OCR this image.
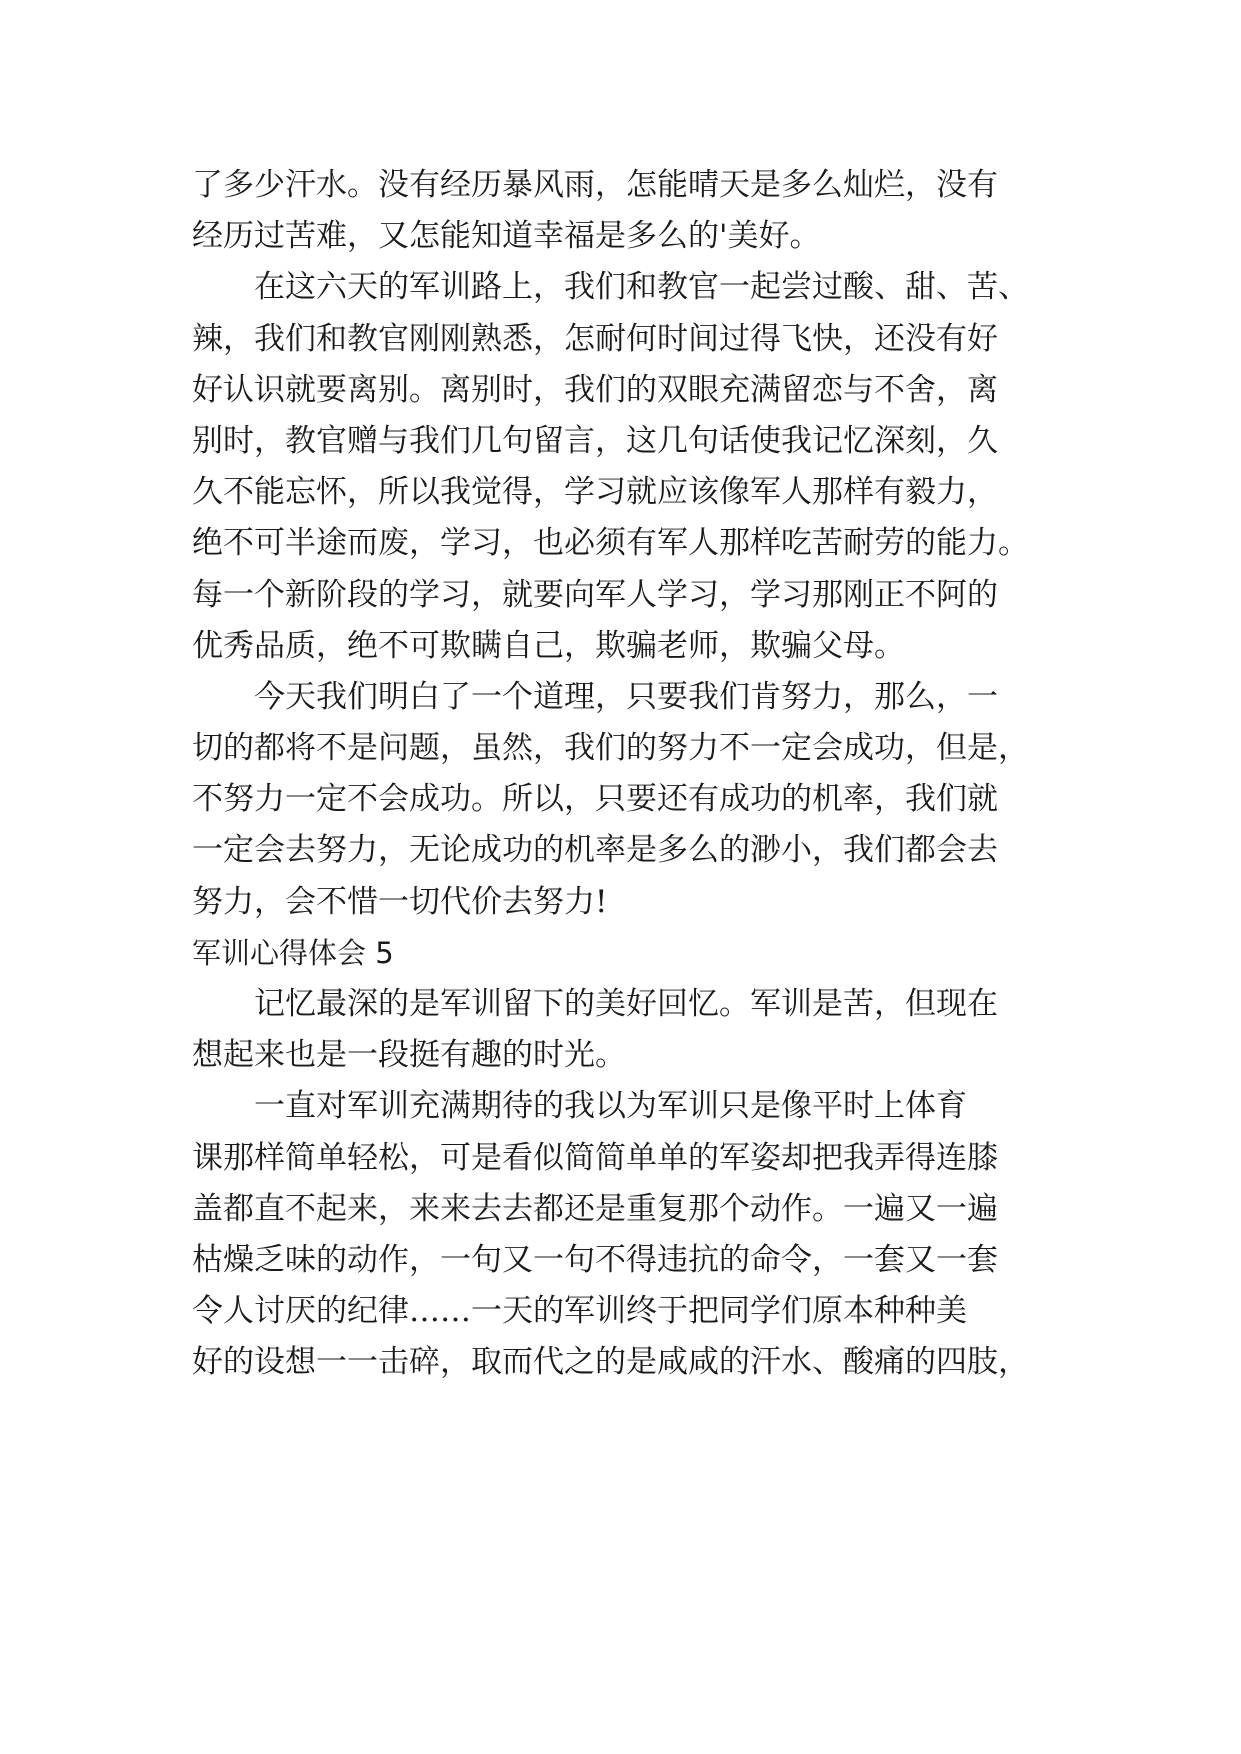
了多少汗水。没有经历暴风雨，怎能晴天是多么灿烂，没有
经历过苦难，又怎能知道幸福是多么的'美好。
在这六天的军训路上，我们和教官一起尝过酸、甜、苦、
辣，我们和教官刚刚熟悉，怎耐何时间过得飞快，还没有好
好认识就要离别。离别时，我们的双眼充满留恋与不舍，离
别时，教官赠与我们几句留言，这几句话使我记忆深刻，久
久不能忘怀，所以我觉得，学习就应该像军人那样有毅力，
绝不可半途而废，学习，也必须有军人那样吃苦耐劳的能力。
每一个新阶段的学习，就要向军人学习，学习那刚正不阿的
优秀品质，绝不可欺瞒自己，欺骗老师，欺骗父母。
今天我们明白了一个道理，只要我们肯努力，那么，一
切的都将不是问题，虽然，我们的努力不一定会成功，但是，
不努力一定不会成功。所以，只要还有成功的机率，我们就
一定会去努力，无论成功的机率是多么的渺小，我们都会去
努力，会不惜一切代价去努力!
军训心得体会 5
记忆最深的是军训留下的美好回忆。军训是苦，但现在
想起来也是一段挺有趣的时光。
一直对军训充满期待的我以为军训只是像平时上体育
课那样简单轻松，可是看似简简单单的军姿却把我弄得连膝
盖都直不起来，来来去去都还是重复那个动作。一遍又一遍
枯燥乏味的动作，一句又一句不得违抗的命令，一套又一套
令人讨厌的纪律……一天的军训终于把同学们原本种种美
好的设想一一击碎，取而代之的是咸咸的汗水、酸痛的四肢，
